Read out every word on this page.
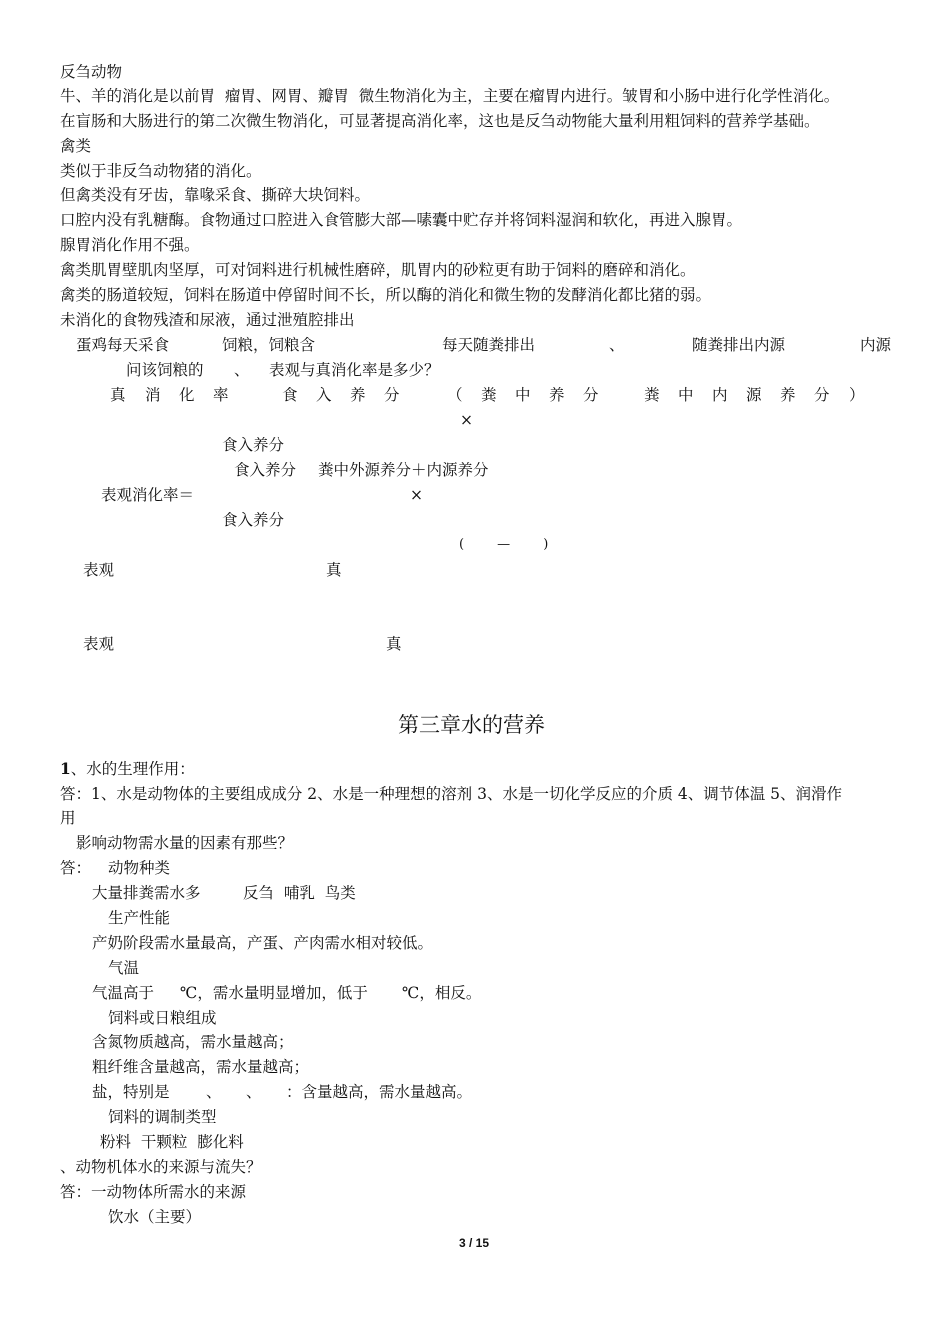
反刍动物
牛、羊的消化是以前胃  瘤胃、网胃、瓣胃  微生物消化为主，主要在瘤胃内进行。皱胃和小肠中进行化学性消化。
在盲肠和大肠进行的第二次微生物消化，可显著提高消化率，这也是反刍动物能大量利用粗饲料的营养学基础。
禽类
类似于非反刍动物猪的消化。
但禽类没有牙齿，靠喙采食、撕碎大块饲料。
口腔内没有乳糖酶。食物通过口腔进入食管膨大部—嗉囊中贮存并将饲料湿润和软化，再进入腺胃。
腺胃消化作用不强。
禽类肌胃壁肌肉坚厚，可对饲料进行机械性磨碎，肌胃内的砂粒更有助于饲料的磨碎和消化。
禽类的肠道较短，饲料在肠道中停留时间不长，所以酶的消化和微生物的发酵消化都比猪的弱。
未消化的食物残渣和尿液，通过泄殖腔排出
蛋鸡每天采食	饲粮，饲粮含	每天随粪排出	、	随粪排出内源	内源
问该饲粮的 、 表观与真消化率是多少？
真 消 化 率	食 入 养 分	（ 粪 中 养 分	粪 中 内 源 养 分 ）
×
食入养分
食入养分 粪中外源养分＋内源养分
表观消化率＝	×
食入养分
(        —        )
表观	真
表观	真
第三章水的营养
1、水的生理作用：
答：1、水是动物体的主要组成成分 2、水是一种理想的溶剂 3、水是一切化学反应的介质 4、调节体温 5、润滑作
用
影响动物需水量的因素有那些？
答： 动物种类
大量排粪需水多	反刍  哺乳  鸟类
生产性能
产奶阶段需水量最高，产蛋、产肉需水相对较低。
气温
气温高于 ℃，需水量明显增加，低于 ℃，相反。
饲料或日粮组成
含氮物质越高，需水量越高；
粗纤维含量越高，需水量越高；
盐，特别是 、 、 ：含量越高，需水量越高。
饲料的调制类型
粉料  干颗粒  膨化料
、动物机体水的来源与流失？
答：一动物体所需水的来源
饮水（主要）
3 / 15
